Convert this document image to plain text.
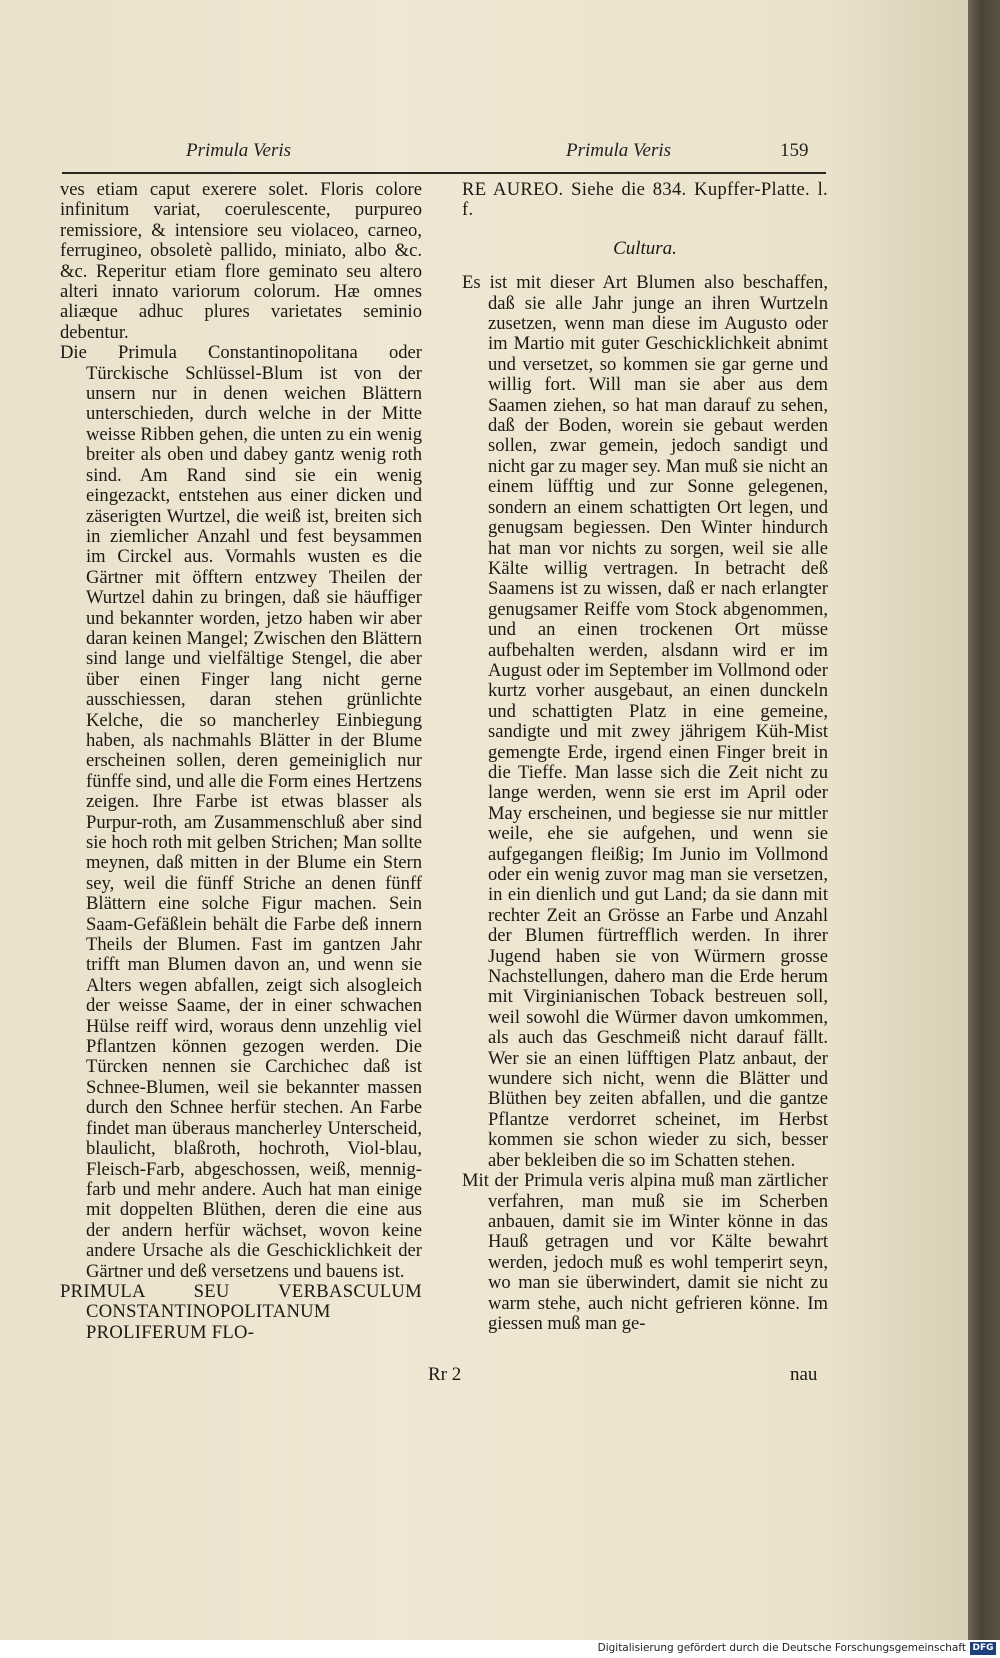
Primula Veris	Primula Veris	159

ves etiam caput exerere solet. Floris colore infinitum variat, coerulescente, purpureo remissiore, & intensiore seu violaceo, carneo, ferrugineo, obsoletè pallido, miniato, albo &c. &c. Reperitur etiam flore geminato seu altero alteri innato variorum colorum. Hæ omnes aliæque adhuc plures varietates seminio debentur.

Die Primula Constantinopolitana oder Türckische Schlüssel-Blum ist von der unsern nur in denen weichen Blättern unterschieden, durch welche in der Mitte weisse Ribben gehen, die unten zu ein wenig breiter als oben und dabey gantz wenig roth sind. Am Rand sind sie ein wenig eingezackt, entstehen aus einer dicken und zäserigten Wurtzel, die weiß ist, breiten sich in ziemlicher Anzahl und fest beysammen im Circkel aus. Vormahls wusten es die Gärtner mit öfftern entzwey Theilen der Wurtzel dahin zu bringen, daß sie häuffiger und bekannter worden, jetzo haben wir aber daran keinen Mangel; Zwischen den Blättern sind lange und vielfältige Stengel, die aber über einen Finger lang nicht gerne ausschiessen, daran stehen grünlichte Kelche, die so mancherley Einbiegung haben, als nachmahls Blätter in der Blume erscheinen sollen, deren gemeiniglich nur fünffe sind, und alle die Form eines Hertzens zeigen. Ihre Farbe ist etwas blasser als Purpur-roth, am Zusammenschluß aber sind sie hoch roth mit gelben Strichen; Man sollte meynen, daß mitten in der Blume ein Stern sey, weil die fünff Striche an denen fünff Blättern eine solche Figur machen. Sein Saam-Gefäßlein behält die Farbe deß innern Theils der Blumen. Fast im gantzen Jahr trifft man Blumen davon an, und wenn sie Alters wegen abfallen, zeigt sich alsogleich der weisse Saame, der in einer schwachen Hülse reiff wird, woraus denn unzehlig viel Pflantzen können gezogen werden. Die Türcken nennen sie Carchichec daß ist Schnee-Blumen, weil sie bekannter massen durch den Schnee herfür stechen. An Farbe findet man überaus mancherley Unterscheid, blaulicht, blaßroth, hochroth, Viol-blau, Fleisch-Farb, abgeschossen, weiß, mennig-farb und mehr andere. Auch hat man einige mit doppelten Blüthen, deren die eine aus der andern herfür wächset, wovon keine andere Ursache als die Geschicklichkeit der Gärtner und deß versetzens und bauens ist.

PRIMULA SEU VERBASCULUM CONSTANTINOPOLITANUM PROLIFERUM FLO-

RE AUREO. Siehe die 834. Kupffer-Platte. l. f.

Cultura.

Es ist mit dieser Art Blumen also beschaffen, daß sie alle Jahr junge an ihren Wurtzeln zusetzen, wenn man diese im Augusto oder im Martio mit guter Geschicklichkeit abnimt und versetzet, so kommen sie gar gerne und willig fort. Will man sie aber aus dem Saamen ziehen, so hat man darauf zu sehen, daß der Boden, worein sie gebaut werden sollen, zwar gemein, jedoch sandigt und nicht gar zu mager sey. Man muß sie nicht an einem lüfftig und zur Sonne gelegenen, sondern an einem schattigten Ort legen, und genugsam begiessen. Den Winter hindurch hat man vor nichts zu sorgen, weil sie alle Kälte willig vertragen. In betracht deß Saamens ist zu wissen, daß er nach erlangter genugsamer Reiffe vom Stock abgenommen, und an einen trockenen Ort müsse aufbehalten werden, alsdann wird er im August oder im September im Vollmond oder kurtz vorher ausgebaut, an einen dunckeln und schattigten Platz in eine gemeine, sandigte und mit zwey jährigem Küh-Mist gemengte Erde, irgend einen Finger breit in die Tieffe. Man lasse sich die Zeit nicht zu lange werden, wenn sie erst im April oder May erscheinen, und begiesse sie nur mittler weile, ehe sie aufgehen, und wenn sie aufgegangen fleißig; Im Junio im Vollmond oder ein wenig zuvor mag man sie versetzen, in ein dienlich und gut Land; da sie dann mit rechter Zeit an Grösse an Farbe und Anzahl der Blumen fürtrefflich werden. In ihrer Jugend haben sie von Würmern grosse Nachstellungen, dahero man die Erde herum mit Virginianischen Toback bestreuen soll, weil sowohl die Würmer davon umkommen, als auch das Geschmeiß nicht darauf fällt. Wer sie an einen lüfftigen Platz anbaut, der wundere sich nicht, wenn die Blätter und Blüthen bey zeiten abfallen, und die gantze Pflantze verdorret scheinet, im Herbst kommen sie schon wieder zu sich, besser aber bekleiben die so im Schatten stehen.

Mit der Primula veris alpina muß man zärtlicher verfahren, man muß sie im Scherben anbauen, damit sie im Winter könne in das Hauß getragen und vor Kälte bewahrt werden, jedoch muß es wohl temperirt seyn, wo man sie überwindert, damit sie nicht zu warm stehe, auch nicht gefrieren könne. Im giessen muß man ge-

Rr 2	nau
Digitalisierung gefördert durch die Deutsche Forschungsgemeinschaft DFG
